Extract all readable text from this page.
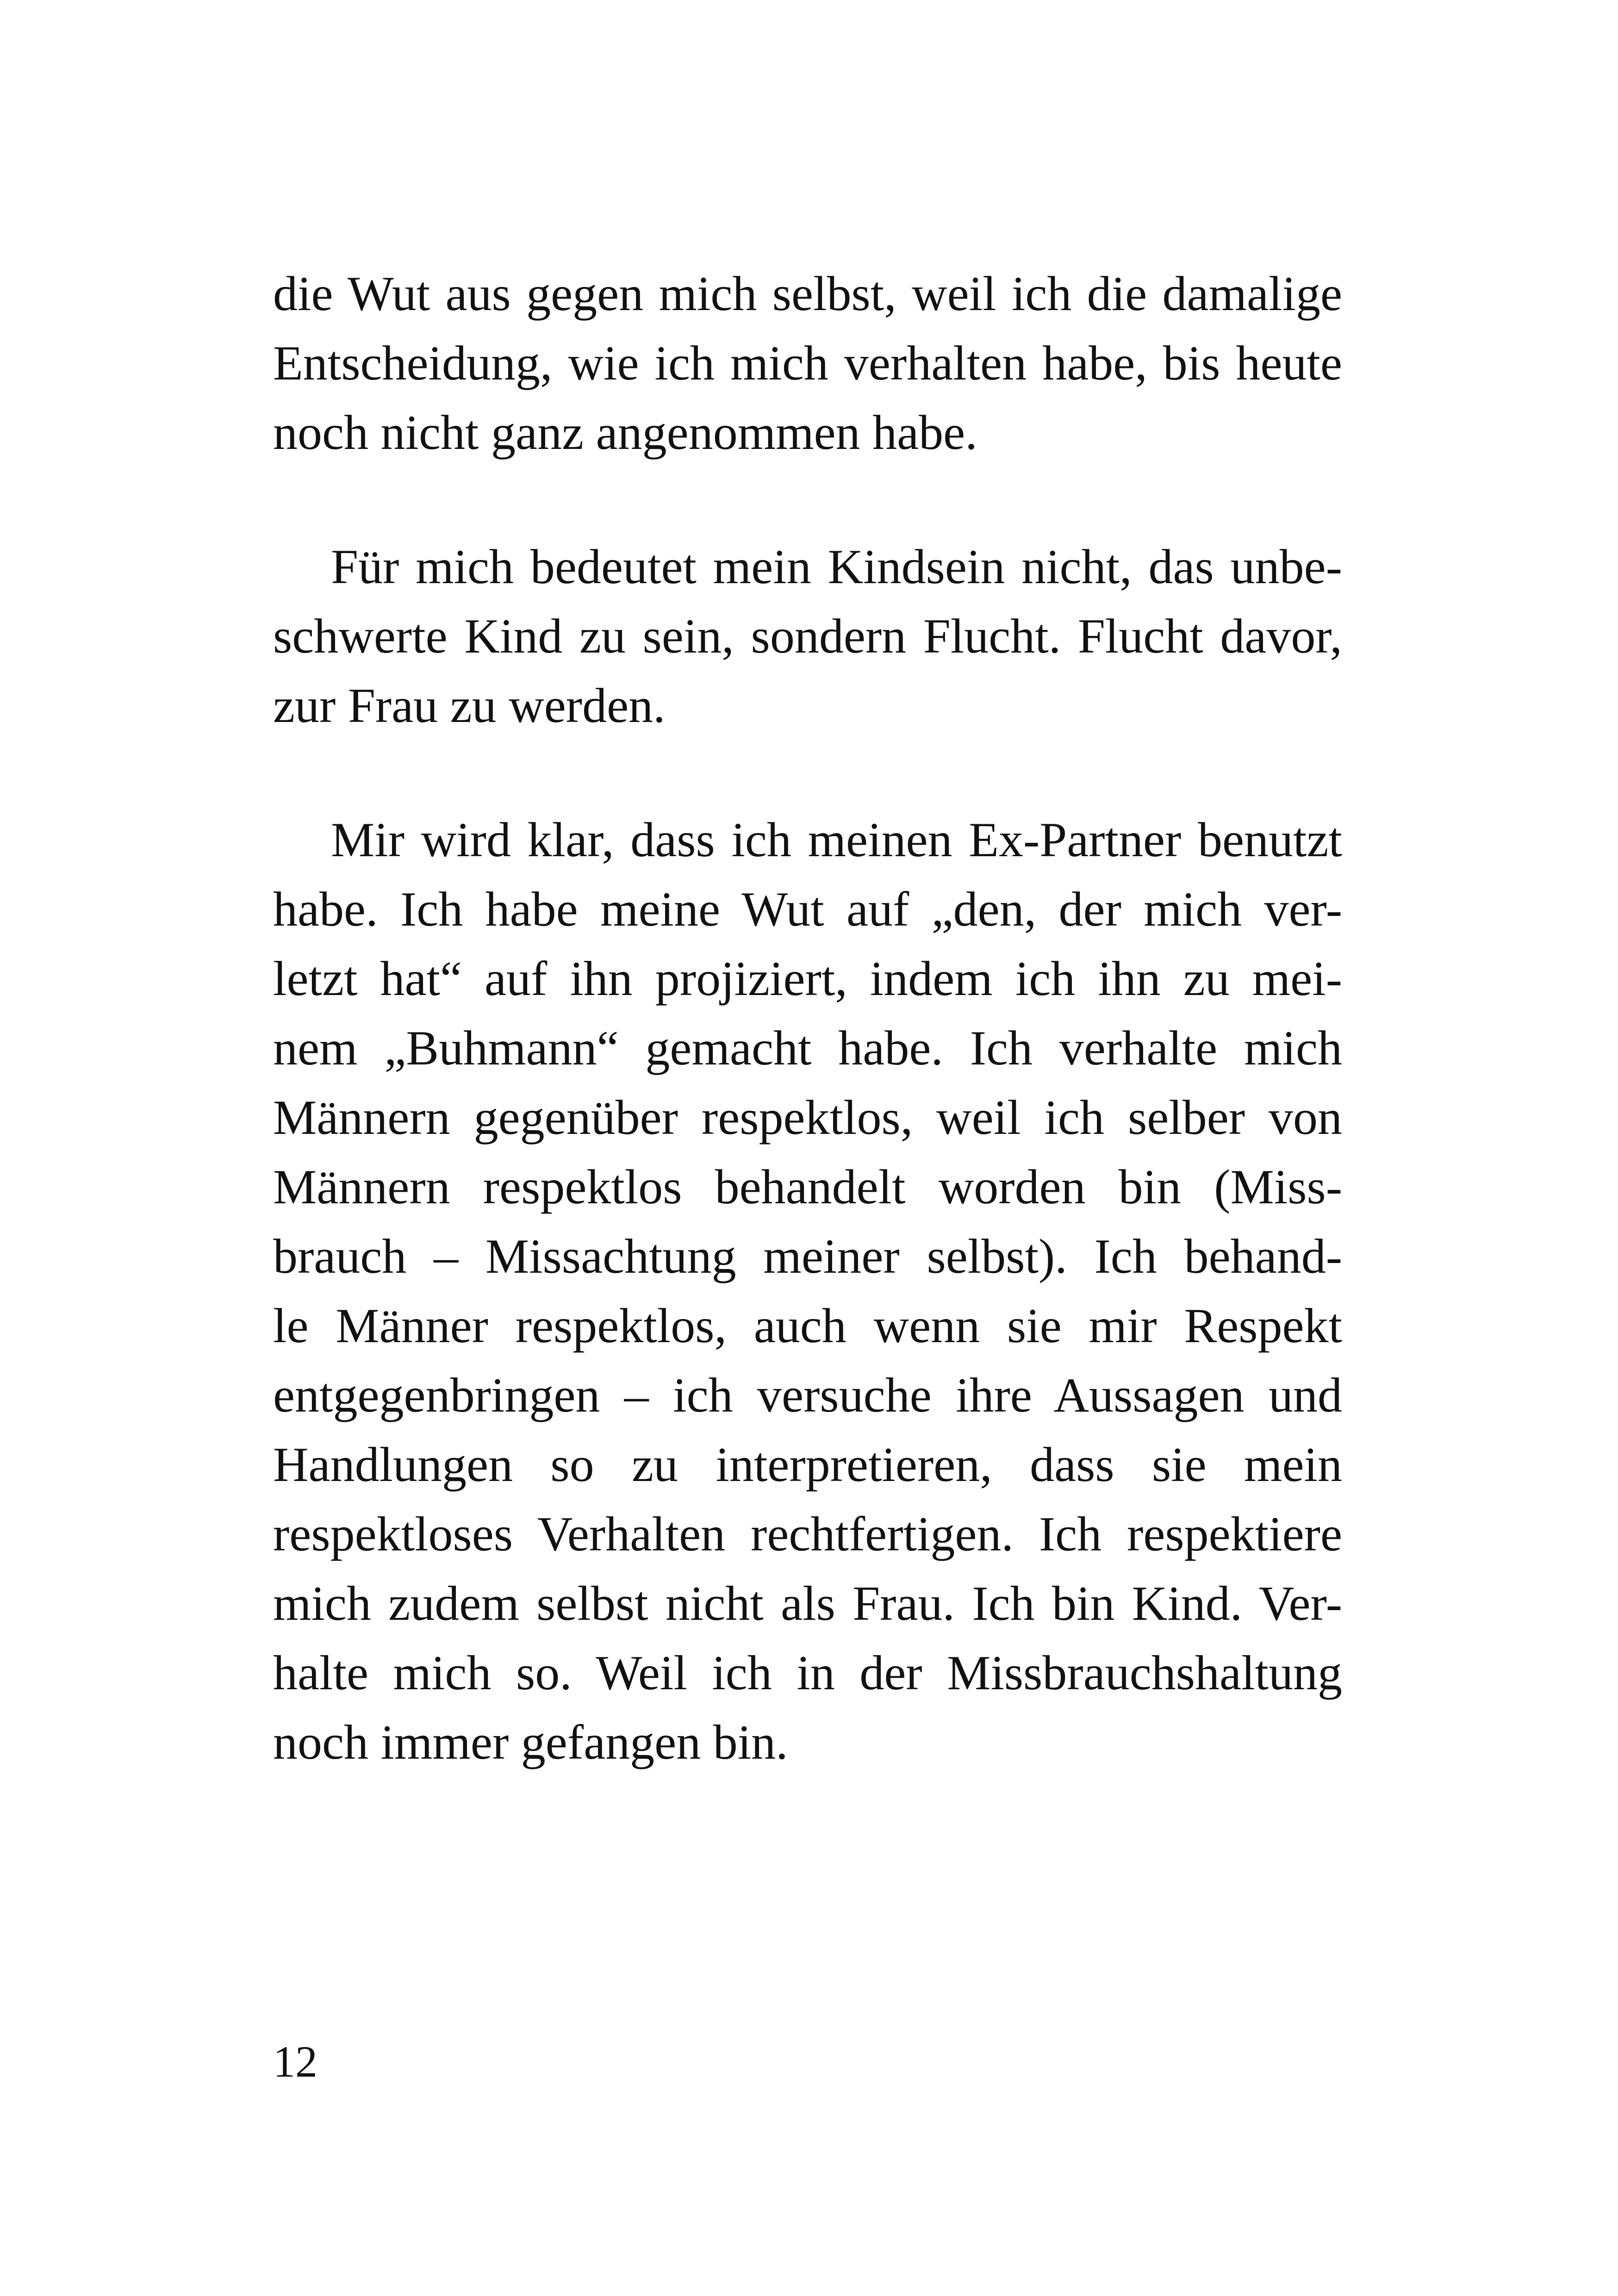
die Wut aus gegen mich selbst, weil ich die damalige
Entscheidung, wie ich mich verhalten habe, bis heute
noch nicht ganz angenommen habe.
Für mich bedeutet mein Kindsein nicht, das unbe-
schwerte Kind zu sein, sondern Flucht. Flucht davor,
zur Frau zu werden.
Mir wird klar, dass ich meinen Ex-Partner benutzt
habe. Ich habe meine Wut auf „den, der mich ver-
letzt hat“ auf ihn projiziert, indem ich ihn zu mei-
nem „Buhmann“ gemacht habe. Ich verhalte mich
Männern gegenüber respektlos, weil ich selber von
Männern respektlos behandelt worden bin (Miss-
brauch – Missachtung meiner selbst). Ich behand-
le Männer respektlos, auch wenn sie mir Respekt
entgegenbringen – ich versuche ihre Aussagen und
Handlungen so zu interpretieren, dass sie mein
respektloses Verhalten rechtfertigen. Ich respektiere
mich zudem selbst nicht als Frau. Ich bin Kind. Ver-
halte mich so. Weil ich in der Missbrauchshaltung
noch immer gefangen bin.
12
